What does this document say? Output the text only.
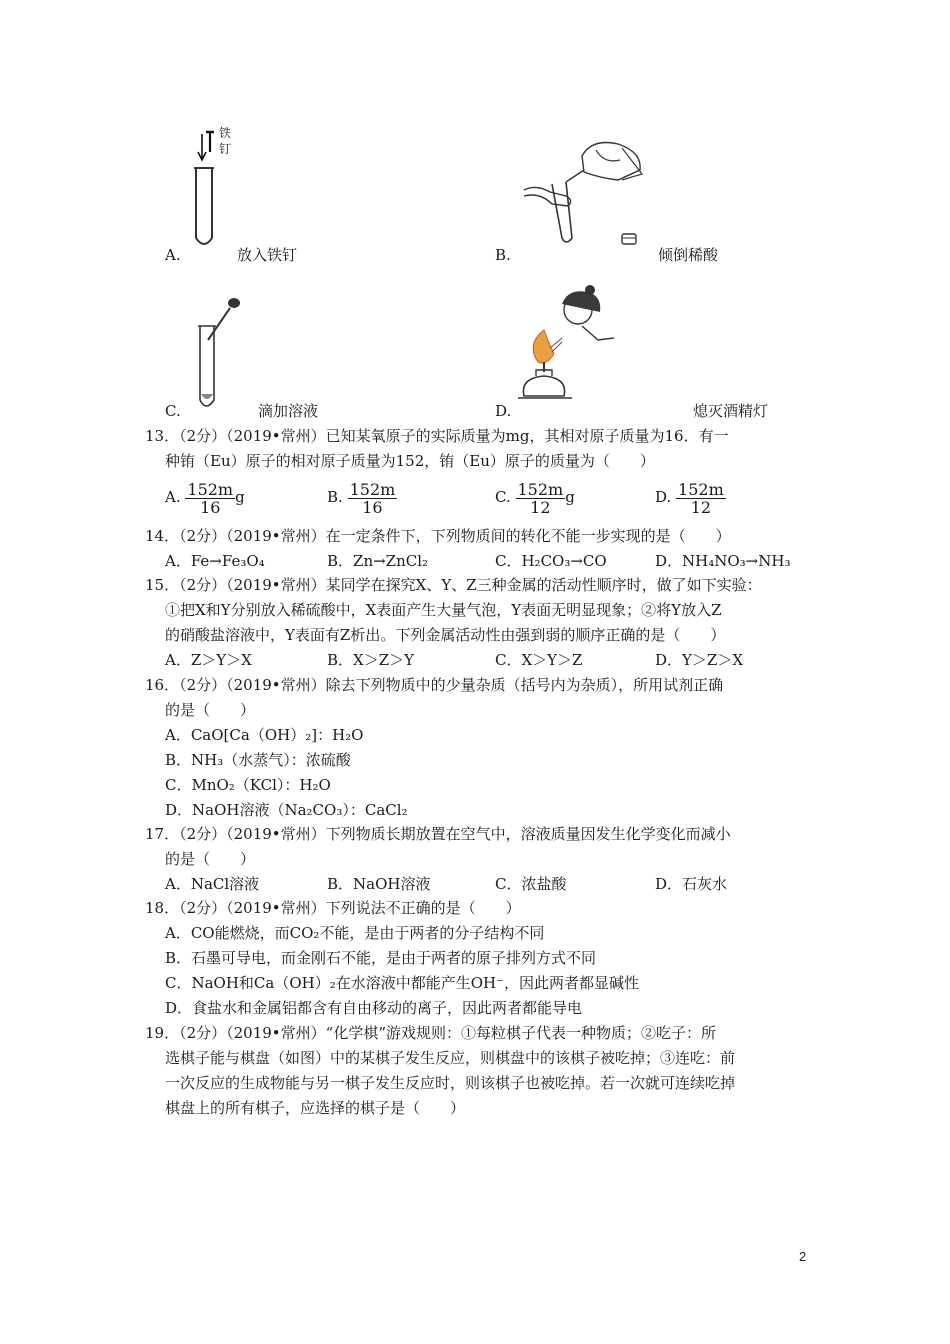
铁
钉
A.	放入铁钉	B.	倾倒稀酸
C.	滴加溶液	D.	熄灭酒精灯
13．（2分）（2019•常州）已知某氧原子的实际质量为mg，其相对原子质量为16．有一
种铕（Eu）原子的相对原子质量为152，铕（Eu）原子的质量为（　　）
A. $\frac{152m}{16}$ g	B. $\frac{152m}{16}$	C. $\frac{152m}{12}$ g	D. $\frac{152m}{12}$
14．（2分）（2019•常州）在一定条件下，下列物质间的转化不能一步实现的是（　　）
A．Fe→Fe₃O₄	B．Zn→ZnCl₂	C．H₂CO₃→CO	D．NH₄NO₃→NH₃
15．（2分）（2019•常州）某同学在探究X、Y、Z三种金属的活动性顺序时，做了如下实验：
①把X和Y分别放入稀硫酸中，X表面产生大量气泡，Y表面无明显现象；②将Y放入Z
的硝酸盐溶液中，Y表面有Z析出。下列金属活动性由强到弱的顺序正确的是（　　）
A．Z＞Y＞X	B．X＞Z＞Y	C．X＞Y＞Z	D．Y＞Z＞X
16．（2分）（2019•常州）除去下列物质中的少量杂质（括号内为杂质），所用试剂正确
的是（　　）
A．CaO[Ca（OH）₂]：H₂O
B．NH₃（水蒸气）：浓硫酸
C．MnO₂（KCl）：H₂O
D．NaOH溶液（Na₂CO₃）：CaCl₂
17．（2分）（2019•常州）下列物质长期放置在空气中，溶液质量因发生化学变化而减小
的是（　　）
A．NaCl溶液	B．NaOH溶液	C．浓盐酸	D．石灰水
18．（2分）（2019•常州）下列说法不正确的是（　　）
A．CO能燃烧，而CO₂不能，是由于两者的分子结构不同
B．石墨可导电，而金刚石不能，是由于两者的原子排列方式不同
C．NaOH和Ca（OH）₂在水溶液中都能产生OH⁻，因此两者都显碱性
D．食盐水和金属铝都含有自由移动的离子，因此两者都能导电
19．（2分）（2019•常州）“化学棋”游戏规则：①每粒棋子代表一种物质；②吃子：所
选棋子能与棋盘（如图）中的某棋子发生反应，则棋盘中的该棋子被吃掉；③连吃：前
一次反应的生成物能与另一棋子发生反应时，则该棋子也被吃掉。若一次就可连续吃掉
棋盘上的所有棋子，应选择的棋子是（　　）
2
